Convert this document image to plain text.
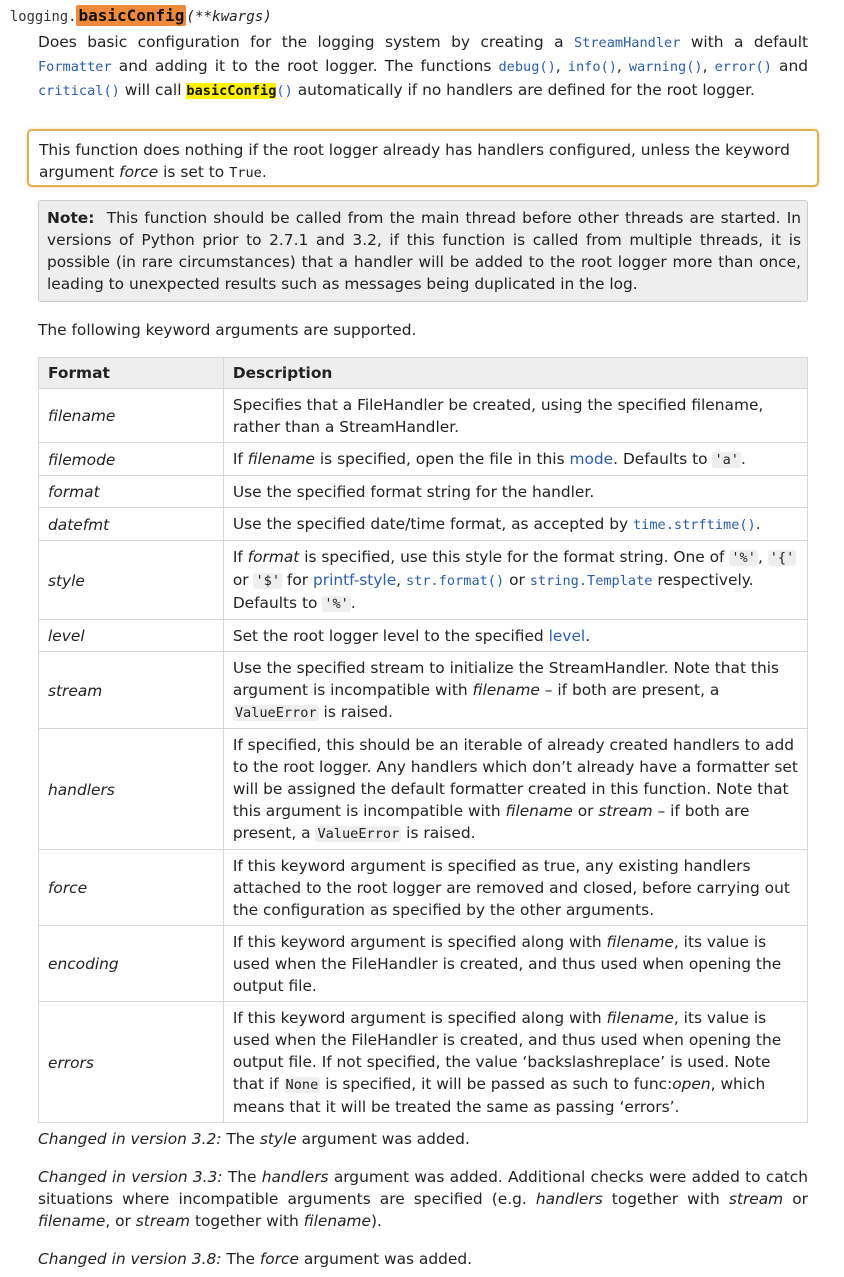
logging. basicConfig (**kwargs)
Does basic configuration for the logging system by creating a StreamHandler with a default Formatter and adding it to the root logger. The functions debug(), info(), warning(), error() and critical() will call basicConfig() automatically if no handlers are defined for the root logger.
This function does nothing if the root logger already has handlers configured, unless the keyword argument force is set to True.
Note: This function should be called from the main thread before other threads are started. In versions of Python prior to 2.7.1 and 3.2, if this function is called from multiple threads, it is possible (in rare circumstances) that a handler will be added to the root logger more than once, leading to unexpected results such as messages being duplicated in the log.
The following keyword arguments are supported.
Format	Description
filename	Specifies that a FileHandler be created, using the specified filename, rather than a StreamHandler.
filemode	If filename is specified, open the file in this mode. Defaults to 'a' .
format	Use the specified format string for the handler.
datefmt	Use the specified date/time format, as accepted by time.strftime().
style	If format is specified, use this style for the format string. One of '%' , '{' or '$' for printf-style, str.format() or string.Template respectively. Defaults to '%' .
level	Set the root logger level to the specified level.
stream	Use the specified stream to initialize the StreamHandler. Note that this argument is incompatible with filename – if both are present, a ValueError is raised.
handlers	If specified, this should be an iterable of already created handlers to add to the root logger. Any handlers which don’t already have a formatter set will be assigned the default formatter created in this function. Note that this argument is incompatible with filename or stream – if both are present, a ValueError is raised.
force	If this keyword argument is specified as true, any existing handlers attached to the root logger are removed and closed, before carrying out the configuration as specified by the other arguments.
encoding	If this keyword argument is specified along with filename, its value is used when the FileHandler is created, and thus used when opening the output file.
errors	If this keyword argument is specified along with filename, its value is used when the FileHandler is created, and thus used when opening the output file. If not specified, the value ‘backslashreplace’ is used. Note that if None is specified, it will be passed as such to func:open, which means that it will be treated the same as passing ‘errors’.
Changed in version 3.2: The style argument was added.
Changed in version 3.3: The handlers argument was added. Additional checks were added to catch situations where incompatible arguments are specified (e.g. handlers together with stream or filename, or stream together with filename).
Changed in version 3.8: The force argument was added.
